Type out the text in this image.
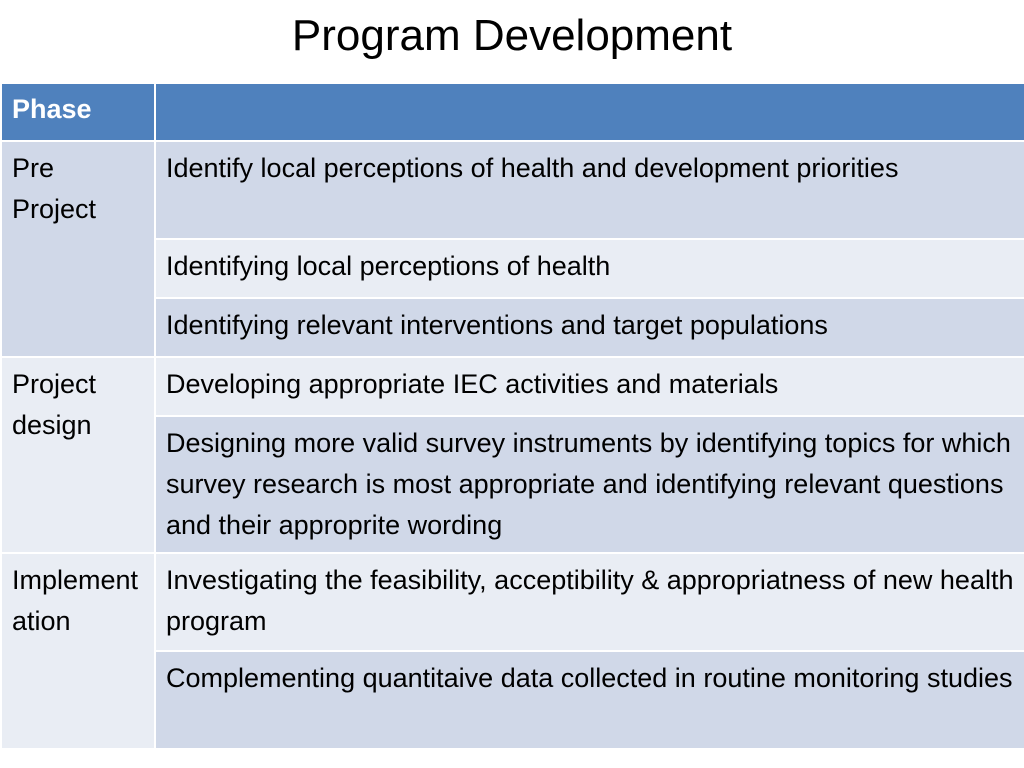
Program Development
Phase	

Pre Project	Identify local perceptions of health and development priorities

	Identifying local perceptions of health

	Identifying relevant interventions and target populations

Project design	Developing appropriate IEC activities and materials

	Designing more valid survey instruments by identifying topics for which survey research is most appropriate and identifying relevant questions and their approprite wording

Implementation	Investigating the feasibility, acceptibility & appropriatness of new health program

	Complementing quantitaive data collected in routine monitoring studies
